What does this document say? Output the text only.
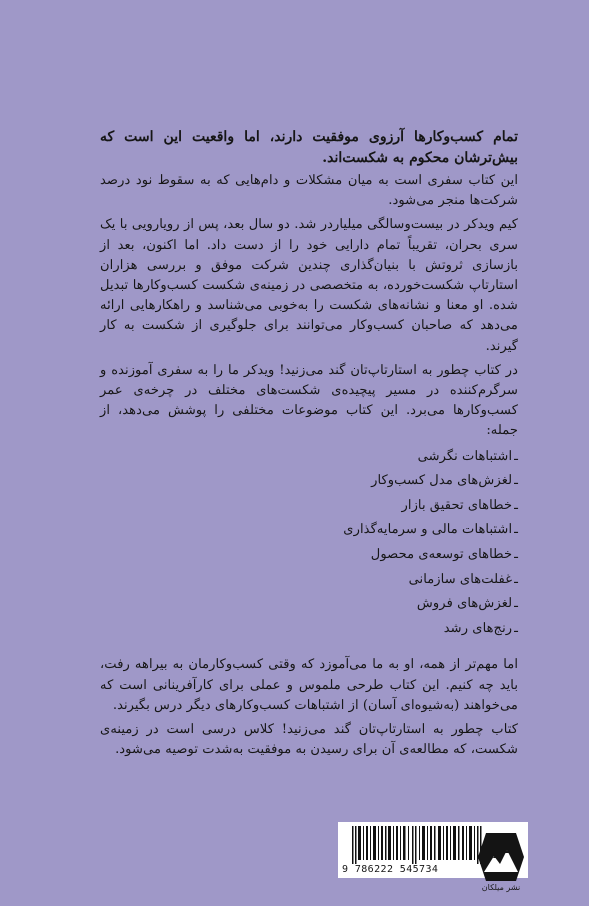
تمام کسب‌وکارها آرزوی موفقیت دارند، اما واقعیت این است که بیش‌ترشان محکوم به شکست‌اند.

این کتاب سفری است به میان مشکلات و دام‌هایی که به سقوط نود درصد شرکت‌ها منجر می‌شود.

کیم ویدکر در بیست‌وسالگی میلیاردر شد. دو سال بعد، پس از رویارویی با یک سری بحران، تقریباً تمام دارایی خود را از دست داد. اما اکنون، بعد از بازسازی ثروتش با بنیان‌گذاری چندین شرکت موفق و بررسی هزاران استارتاپ شکست‌خورده، به متخصصی در زمینه‌ی شکست کسب‌وکارها تبدیل شده. او معنا و نشانه‌های شکست را به‌خوبی می‌شناسد و راهکارهایی ارائه می‌دهد که صاحبان کسب‌وکار می‌توانند برای جلوگیری از شکست به کار گیرند.

در کتاب چطور به استارتاپ‌تان گند می‌زنید! ویدکر ما را به سفری آموزنده و سرگرم‌کننده در مسیر پیچیده‌ی شکست‌های مختلف در چرخه‌ی عمر کسب‌وکارها می‌برد. این کتاب موضوعات مختلفی را پوشش می‌دهد، از جمله:

ـاشتباهات نگرشی
ـلغزش‌های مدل کسب‌وکار
ـخطاهای تحقیق بازار
ـاشتباهات مالی و سرمایه‌گذاری
ـخطاهای توسعه‌ی محصول
ـغفلت‌های سازمانی
ـلغزش‌های فروش
ـرنج‌های رشد

اما مهم‌تر از همه، او به ما می‌آموزد که وقتی کسب‌وکارمان به بیراهه رفت، باید چه کنیم. این کتاب طرحی ملموس و عملی برای کارآفرینانی است که می‌خواهند (به‌شیوه‌ای آسان) از اشتباهات کسب‌وکارهای دیگر درس بگیرند.

کتاب چطور به استارتاپ‌تان گند می‌زنید! کلاس درسی است در زمینه‌ی شکست، که مطالعه‌ی آن برای رسیدن به موفقیت به‌شدت توصیه می‌شود.

9 786222 545734
نشر میلکان
